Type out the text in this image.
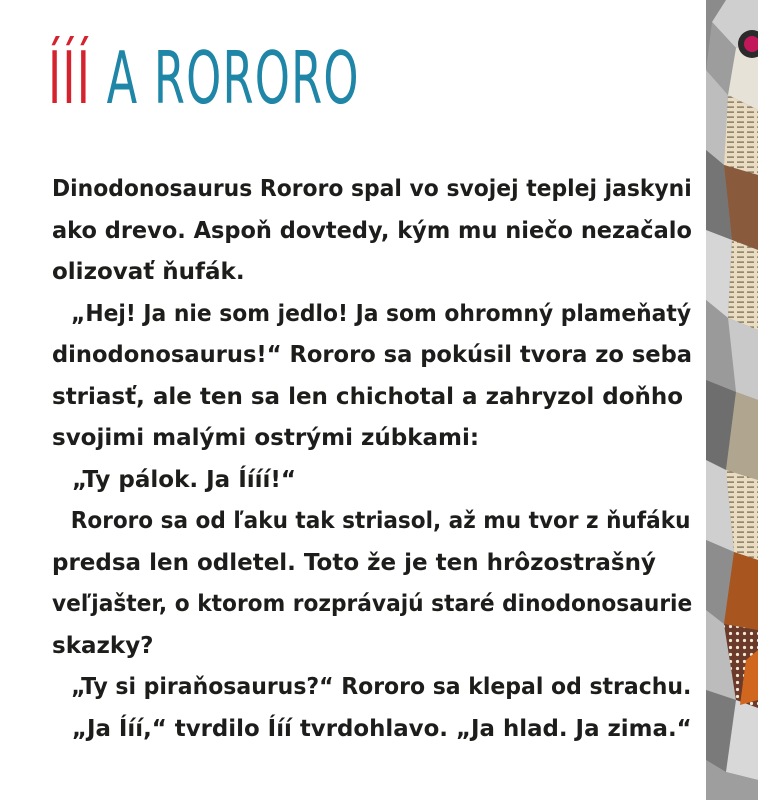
ÍÍÍ A RORORO
Dinodonosaurus Rororo spal vo svojej teplej jaskyni
ako drevo. Aspoň dovtedy, kým mu niečo nezačalo
olizovať ňufák.
„Hej! Ja nie som jedlo! Ja som ohromný plameňatý
dinodonosaurus!“ Rororo sa pokúsil tvora zo seba
striasť, ale ten sa len chichotal a zahryzol doňho
svojimi malými ostrými zúbkami:
„Ty pálok. Ja Íííí!“
Rororo sa od ľaku tak striasol, až mu tvor z ňufáku
predsa len odletel. Toto že je ten hrôzostrašný
veľjašter, o ktorom rozprávajú staré dinodonosaurie
skazky?
„Ty si piraňosaurus?“ Rororo sa klepal od strachu.
„Ja Ííí,“ tvrdilo Ííí tvrdohlavo. „Ja hlad. Ja zima.“
